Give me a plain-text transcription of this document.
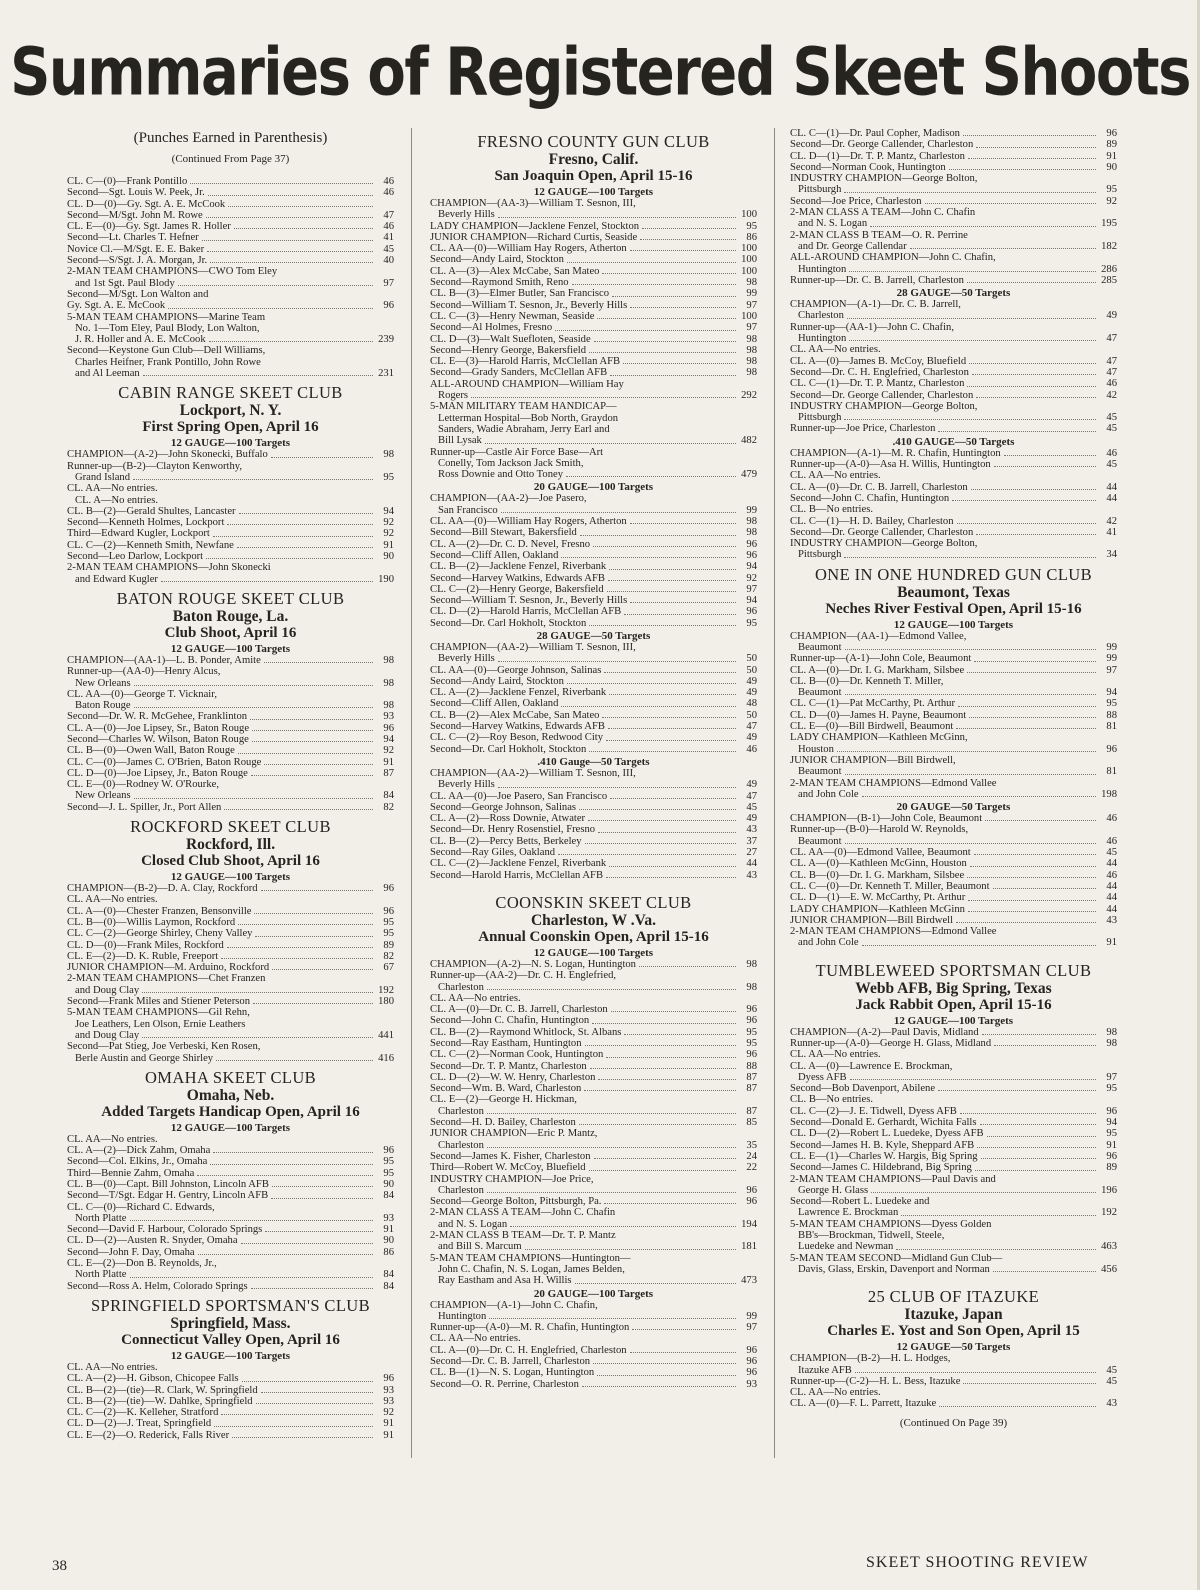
Summaries of Registered Skeet Shoots
(Punches Earned in Parenthesis)
(Continued From Page 37)
CL. C—(0)—Frank Pontillo	46
Second—Sgt. Louis W. Peek, Jr.	46
CL. D—(0)—Gy. Sgt. A. E. McCook
Second—M/Sgt. John M. Rowe	47
CL. E—(0)—Gy. Sgt. James R. Holler	46
Second—Lt. Charles T. Hefner	41
Novice Cl.—M/Sgt. E. E. Baker	45
Second—S/Sgt. J. A. Morgan, Jr.	40
2-MAN TEAM CHAMPIONS—CWO Tom Eley
and 1st Sgt. Paul Blody	97
Second—M/Sgt. Lon Walton and
Gy. Sgt. A. E. McCook	96
5-MAN TEAM CHAMPIONS—Marine Team
No. 1—Tom Eley, Paul Blody, Lon Walton,
J. R. Holler and A. E. McCook	239
Second—Keystone Gun Club—Dell Williams,
Charles Heifner, Frank Pontillo, John Rowe
and Al Leeman	231
CABIN RANGE SKEET CLUB
Lockport, N. Y.
First Spring Open, April 16
12 GAUGE—100 Targets
CHAMPION—(A-2)—John Skonecki, Buffalo	98
Runner-up—(B-2)—Clayton Kenworthy,
Grand Island	95
CL. AA—No entries.
CL. A—No entries.
CL. B—(2)—Gerald Shultes, Lancaster	94
Second—Kenneth Holmes, Lockport	92
Third—Edward Kugler, Lockport	92
CL. C—(2)—Kenneth Smith, Newfane	91
Second—Leo Darlow, Lockport	90
2-MAN TEAM CHAMPIONS—John Skonecki
and Edward Kugler	190
BATON ROUGE SKEET CLUB
Baton Rouge, La.
Club Shoot, April 16
12 GAUGE—100 Targets
CHAMPION—(AA-1)—L. B. Ponder, Amite	98
Runner-up—(AA-0)—Henry Alcus,
New Orleans	98
CL. AA—(0)—George T. Vicknair,
Baton Rouge	98
Second—Dr. W. R. McGehee, Franklinton	93
CL. A—(0)—Joe Lipsey, Sr., Baton Rouge	96
Second—Charles W. Wilson, Baton Rouge	94
CL. B—(0)—Owen Wall, Baton Rouge	92
CL. C—(0)—James C. O'Brien, Baton Rouge	91
CL. D—(0)—Joe Lipsey, Jr., Baton Rouge	87
CL. E—(0)—Rodney W. O'Rourke,
New Orleans	84
Second—J. L. Spiller, Jr., Port Allen	82
ROCKFORD SKEET CLUB
Rockford, Ill.
Closed Club Shoot, April 16
12 GAUGE—100 Targets
CHAMPION—(B-2)—D. A. Clay, Rockford	96
CL. AA—No entries.
CL. A—(0)—Chester Franzen, Bensonville	96
CL. B—(0)—Willis Laymon, Rockford	95
CL. C—(2)—George Shirley, Cheny Valley	95
CL. D—(0)—Frank Miles, Rockford	89
CL. E—(2)—D. K. Ruble, Freeport	82
JUNIOR CHAMPION—M. Arduino, Rockford	67
2-MAN TEAM CHAMPIONS—Chet Franzen
and Doug Clay	192
Second—Frank Miles and Stiener Peterson	180
5-MAN TEAM CHAMPIONS—Gil Rehn,
Joe Leathers, Len Olson, Ernie Leathers
and Doug Clay	441
Second—Pat Stieg, Joe Verbeski, Ken Rosen,
Berle Austin and George Shirley	416
OMAHA SKEET CLUB
Omaha, Neb.
Added Targets Handicap Open, April 16
12 GAUGE—100 Targets
CL. AA—No entries.
CL. A—(2)—Dick Zahm, Omaha	96
Second—Col. Elkins, Jr., Omaha	95
Third—Bennie Zahm, Omaha	95
CL. B—(0)—Capt. Bill Johnston, Lincoln AFB	90
Second—T/Sgt. Edgar H. Gentry, Lincoln AFB	84
CL. C—(0)—Richard C. Edwards,
North Platte	93
Second—David F. Harbour, Colorado Springs	91
CL. D—(2)—Austen R. Snyder, Omaha	90
Second—John F. Day, Omaha	86
CL. E—(2)—Don B. Reynolds, Jr.,
North Platte	84
Second—Ross A. Helm, Colorado Springs	84
SPRINGFIELD SPORTSMAN'S CLUB
Springfield, Mass.
Connecticut Valley Open, April 16
12 GAUGE—100 Targets
CL. AA—No entries.
CL. A—(2)—H. Gibson, Chicopee Falls	96
CL. B—(2)—(tie)—R. Clark, W. Springfield	93
CL. B—(2)—(tie)—W. Dahlke, Springfield	93
CL. C—(2)—K. Kelleher, Stratford	92
CL. D—(2)—J. Treat, Springfield	91
CL. E—(2)—O. Rederick, Falls River	91
FRESNO COUNTY GUN CLUB
Fresno, Calif.
San Joaquin Open, April 15-16
12 GAUGE—100 Targets
CHAMPION—(AA-3)—William T. Sesnon, III,
Beverly Hills	100
LADY CHAMPION—Jacklene Fenzel, Stockton	95
JUNIOR CHAMPION—Richard Curtis, Seaside	86
CL. AA—(0)—William Hay Rogers, Atherton	100
Second—Andy Laird, Stockton	100
CL. A—(3)—Alex McCabe, San Mateo	100
Second—Raymond Smith, Reno	98
CL. B—(3)—Elmer Butler, San Francisco	99
Second—William T. Sesnon, Jr., Beverly Hills	97
CL. C—(3)—Henry Newman, Seaside	100
Second—Al Holmes, Fresno	97
CL. D—(3)—Walt Suefloten, Seaside	98
Second—Henry George, Bakersfield	98
CL. E—(3)—Harold Harris, McClellan AFB	98
Second—Grady Sanders, McClellan AFB	98
ALL-AROUND CHAMPION—William Hay
Rogers	292
5-MAN MILITARY TEAM HANDICAP—
Letterman Hospital—Bob North, Graydon
Sanders, Wadie Abraham, Jerry Earl and
Bill Lysak	482
Runner-up—Castle Air Force Base—Art
Conelly, Tom Jackson Jack Smith,
Ross Downie and Otto Toney	479
20 GAUGE—100 Targets
CHAMPION—(AA-2)—Joe Pasero,
San Francisco	99
CL. AA—(0)—William Hay Rogers, Atherton	98
Second—Bill Stewart, Bakersfield	98
CL. A—(2)—Dr. C. D. Nevel, Fresno	96
Second—Cliff Allen, Oakland	96
CL. B—(2)—Jacklene Fenzel, Riverbank	94
Second—Harvey Watkins, Edwards AFB	92
CL. C—(2)—Henry George, Bakersfield	97
Second—William T. Sesnon, Jr., Beverly Hills	94
CL. D—(2)—Harold Harris, McClellan AFB	96
Second—Dr. Carl Hokholt, Stockton	95
28 GAUGE—50 Targets
CHAMPION—(AA-2)—William T. Sesnon, III,
Beverly Hills	50
CL. AA—(0)—George Johnson, Salinas	50
Second—Andy Laird, Stockton	49
CL. A—(2)—Jacklene Fenzel, Riverbank	49
Second—Cliff Allen, Oakland	48
CL. B—(2)—Alex McCabe, San Mateo	50
Second—Harvey Watkins, Edwards AFB	47
CL. C—(2)—Roy Beson, Redwood City	49
Second—Dr. Carl Hokholt, Stockton	46
.410 Gauge—50 Targets
CHAMPION—(AA-2)—William T. Sesnon, III,
Beverly Hills	49
CL. AA—(0)—Joe Pasero, San Francisco	47
Second—George Johnson, Salinas	45
CL. A—(2)—Ross Downie, Atwater	49
Second—Dr. Henry Rosenstiel, Fresno	43
CL. B—(2)—Percy Betts, Berkeley	37
Second—Ray Giles, Oakland	27
CL. C—(2)—Jacklene Fenzel, Riverbank	44
Second—Harold Harris, McClellan AFB	43
COONSKIN SKEET CLUB
Charleston, W .Va.
Annual Coonskin Open, April 15-16
12 GAUGE—100 Targets
CHAMPION—(A-2)—N. S. Logan, Huntington	98
Runner-up—(AA-2)—Dr. C. H. Englefried,
Charleston	98
CL. AA—No entries.
CL. A—(0)—Dr. C. B. Jarrell, Charleston	96
Second—John C. Chafin, Huntington	96
CL. B—(2)—Raymond Whitlock, St. Albans	95
Second—Ray Eastham, Huntington	95
CL. C—(2)—Norman Cook, Huntington	96
Second—Dr. T. P. Mantz, Charleston	88
CL. D—(2)—W. W. Henry, Charleston	87
Second—Wm. B. Ward, Charleston	87
CL. E—(2)—George H. Hickman,
Charleston	87
Second—H. D. Bailey, Charleston	85
JUNIOR CHAMPION—Eric P. Mantz,
Charleston	35
Second—James K. Fisher, Charleston	24
Third—Robert W. McCoy, Bluefield	22
INDUSTRY CHAMPION—Joe Price,
Charleston	96
Second—George Bolton, Pittsburgh, Pa.	96
2-MAN CLASS A TEAM—John C. Chafin
and N. S. Logan	194
2-MAN CLASS B TEAM—Dr. T. P. Mantz
and Bill S. Marcum	181
5-MAN TEAM CHAMPIONS—Huntington—
John C. Chafin, N. S. Logan, James Belden,
Ray Eastham and Asa H. Willis	473
20 GAUGE—100 Targets
CHAMPION—(A-1)—John C. Chafin,
Huntington	99
Runner-up—(A-0)—M. R. Chafin, Huntington	97
CL. AA—No entries.
CL. A—(0)—Dr. C. H. Englefried, Charleston	96
Second—Dr. C. B. Jarrell, Charleston	96
CL. B—(1)—N. S. Logan, Huntington	96
Second—O. R. Perrine, Charleston	93
CL. C—(1)—Dr. Paul Copher, Madison	96
Second—Dr. George Callender, Charleston	89
CL. D—(1)—Dr. T. P. Mantz, Charleston	91
Second—Norman Cook, Huntington	90
INDUSTRY CHAMPION—George Bolton,
Pittsburgh	95
Second—Joe Price, Charleston	92
2-MAN CLASS A TEAM—John C. Chafin
and N. S. Logan	195
2-MAN CLASS B TEAM—O. R. Perrine
and Dr. George Callendar	182
ALL-AROUND CHAMPION—John C. Chafin,
Huntington	286
Runner-up—Dr. C. B. Jarrell, Charleston	285
28 GAUGE—50 Targets
CHAMPION—(A-1)—Dr. C. B. Jarrell,
Charleston	49
Runner-up—(AA-1)—John C. Chafin,
Huntington	47
CL. AA—No entries.
CL. A—(0)—James B. McCoy, Bluefield	47
Second—Dr. C. H. Englefried, Charleston	47
CL. C—(1)—Dr. T. P. Mantz, Charleston	46
Second—Dr. George Callender, Charleston	42
INDUSTRY CHAMPION—George Bolton,
Pittsburgh	45
Runner-up—Joe Price, Charleston	45
.410 GAUGE—50 Targets
CHAMPION—(A-1)—M. R. Chafin, Huntington	46
Runner-up—(A-0)—Asa H. Willis, Huntington	45
CL. AA—No entries.
CL. A—(0)—Dr. C. B. Jarrell, Charleston	44
Second—John C. Chafin, Huntington	44
CL. B—No entries.
CL. C—(1)—H. D. Bailey, Charleston	42
Second—Dr. George Callender, Charleston	41
INDUSTRY CHAMPION—George Bolton,
Pittsburgh	34
ONE IN ONE HUNDRED GUN CLUB
Beaumont, Texas
Neches River Festival Open, April 15-16
12 GAUGE—100 Targets
CHAMPION—(AA-1)—Edmond Vallee,
Beaumont	99
Runner-up—(A-1)—John Cole, Beaumont	99
CL. A—(0)—Dr. I. G. Markham, Silsbee	97
CL. B—(0)—Dr. Kenneth T. Miller,
Beaumont	94
CL. C—(1)—Pat McCarthy, Pt. Arthur	95
CL. D—(0)—James H. Payne, Beaumont	88
CL. E—(0)—Bill Birdwell, Beaumont	81
LADY CHAMPION—Kathleen McGinn,
Houston	96
JUNIOR CHAMPION—Bill Birdwell,
Beaumont	81
2-MAN TEAM CHAMPIONS—Edmond Vallee
and John Cole	198
20 GAUGE—50 Targets
CHAMPION—(B-1)—John Cole, Beaumont	46
Runner-up—(B-0)—Harold W. Reynolds,
Beaumont	46
CL. AA—(0)—Edmond Vallee, Beaumont	45
CL. A—(0)—Kathleen McGinn, Houston	44
CL. B—(0)—Dr. I. G. Markham, Silsbee	46
CL. C—(0)—Dr. Kenneth T. Miller, Beaumont	44
CL. D—(1)—E. W. McCarthy, Pt. Arthur	44
LADY CHAMPION—Kathleen McGinn	44
JUNIOR CHAMPION—Bill Birdwell	43
2-MAN TEAM CHAMPIONS—Edmond Vallee
and John Cole	91
TUMBLEWEED SPORTSMAN CLUB
Webb AFB, Big Spring, Texas
Jack Rabbit Open, April 15-16
12 GAUGE—100 Targets
CHAMPION—(A-2)—Paul Davis, Midland	98
Runner-up—(A-0)—George H. Glass, Midland	98
CL. AA—No entries.
CL. A—(0)—Lawrence E. Brockman,
Dyess AFB	97
Second—Bob Davenport, Abilene	95
CL. B—No entries.
CL. C—(2)—J. E. Tidwell, Dyess AFB	96
Second—Donald E. Gerhardt, Wichita Falls	94
CL. D—(2)—Robert L. Luedeke, Dyess AFB	95
Second—James H. B. Kyle, Sheppard AFB	91
CL. E—(1)—Charles W. Hargis, Big Spring	96
Second—James C. Hildebrand, Big Spring	89
2-MAN TEAM CHAMPIONS—Paul Davis and
George H. Glass	196
Second—Robert L. Luedeke and
Lawrence E. Brockman	192
5-MAN TEAM CHAMPIONS—Dyess Golden
BB's—Brockman, Tidwell, Steele,
Luedeke and Newman	463
5-MAN TEAM SECOND—Midland Gun Club—
Davis, Glass, Erskin, Davenport and Norman	456
25 CLUB OF ITAZUKE
Itazuke, Japan
Charles E. Yost and Son Open, April 15
12 GAUGE—50 Targets
CHAMPION—(B-2)—H. L. Hodges,
Itazuke AFB	45
Runner-up—(C-2)—H. L. Bess, Itazuke	45
CL. AA—No entries.
CL. A—(0)—F. L. Parrett, Itazuke	43
(Continued On Page 39)
38	SKEET SHOOTING REVIEW
